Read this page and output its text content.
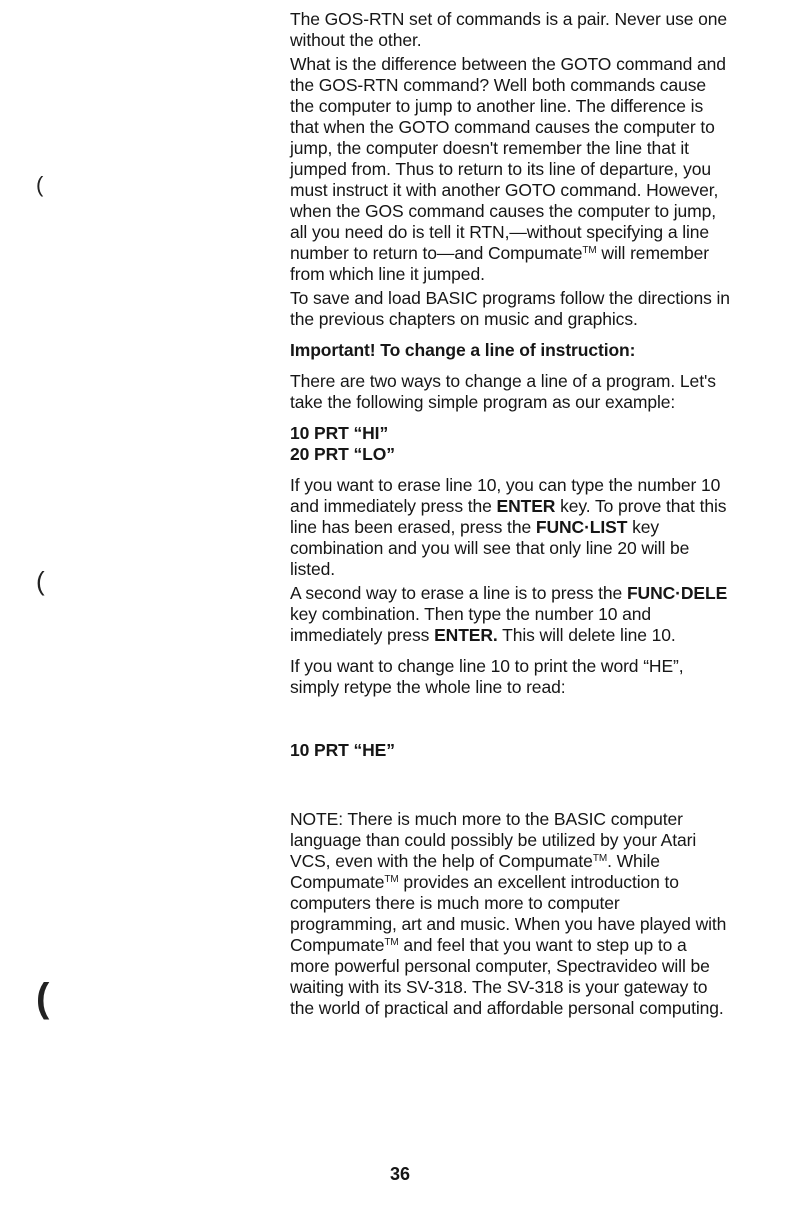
(
(
(

The GOS-RTN set of commands is a pair. Never use one without the other.

What is the difference between the GOTO command and the GOS-RTN command? Well both commands cause the computer to jump to another line. The difference is that when the GOTO command causes the computer to jump, the computer doesn't remember the line that it jumped from. Thus to return to its line of departure, you must instruct it with another GOTO command. However, when the GOS command causes the computer to jump, all you need do is tell it RTN,—without specifying a line number to return to—and Compumate™ will remember from which line it jumped.

To save and load BASIC programs follow the directions in the previous chapters on music and graphics.

Important! To change a line of instruction:

There are two ways to change a line of a program. Let's take the following simple program as our example:

10 PRT “HI”
20 PRT “LO”

If you want to erase line 10, you can type the number 10 and immediately press the ENTER key. To prove that this line has been erased, press the FUNC·LIST key combination and you will see that only line 20 will be listed.

A second way to erase a line is to press the FUNC·DELE key combination. Then type the number 10 and immediately press ENTER. This will delete line 10.

If you want to change line 10 to print the word “HE”, simply retype the whole line to read:

10 PRT “HE”

NOTE: There is much more to the BASIC computer language than could possibly be utilized by your Atari VCS, even with the help of Compumate™. While Compumate™ provides an excellent introduction to computers there is much more to computer programming, art and music. When you have played with Compumate™ and feel that you want to step up to a more powerful personal computer, Spectravideo will be waiting with its SV-318. The SV-318 is your gateway to the world of practical and affordable personal computing.

36
